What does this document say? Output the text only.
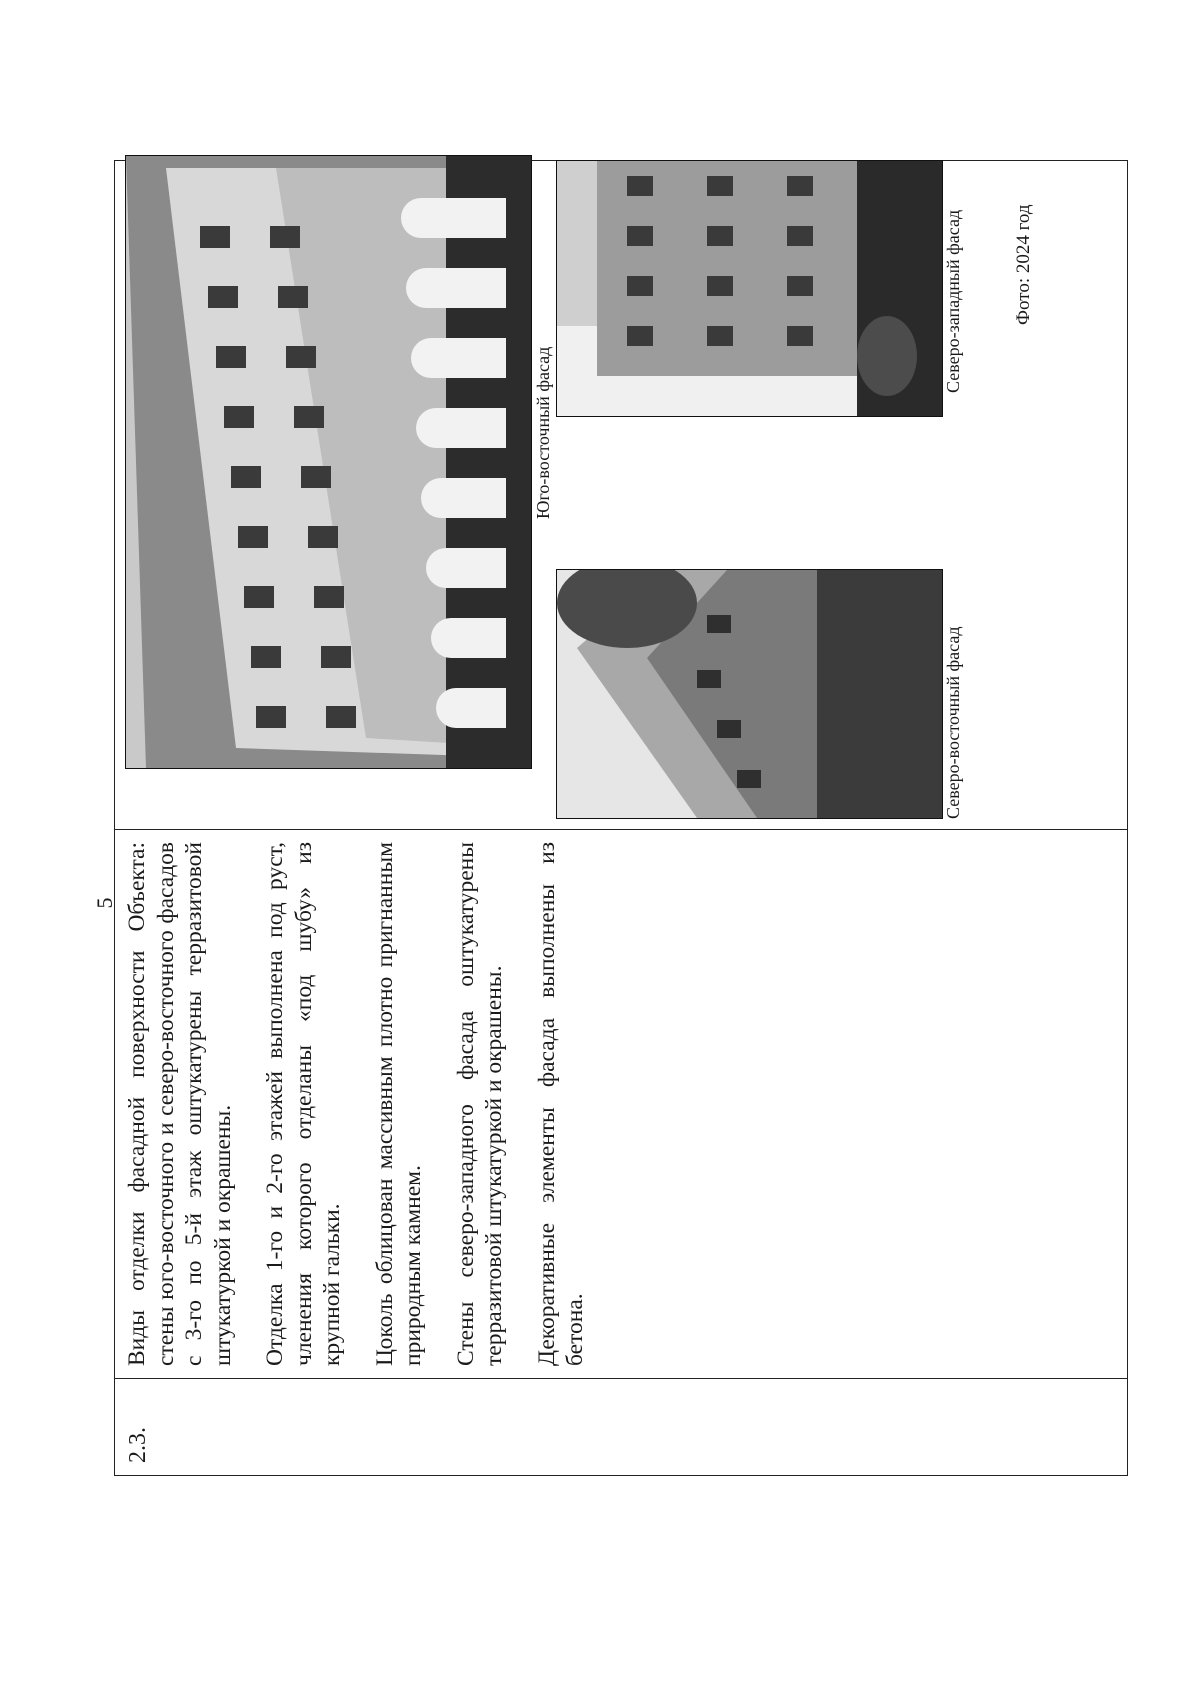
5
2.3.

Виды отделки фасадной поверхности Объекта: стены юго-восточного и северо-восточного фасадов с 3-го по 5-й этаж оштукатурены терразитовой штукатуркой и окрашены. Отделка 1-го и 2-го этажей выполнена под руст, членения которого отделаны «под шубу» из крупной гальки. Цоколь облицован массивным плотно пригнанным природным камнем. Стены северо-западного фасада оштукатурены терразитовой штукатуркой и окрашены. Декоративные элементы фасада выполнены из бетона.

Юго-восточный фасад
Северо-восточный фасад
Северо-западный фасад	Фото: 2024 год
